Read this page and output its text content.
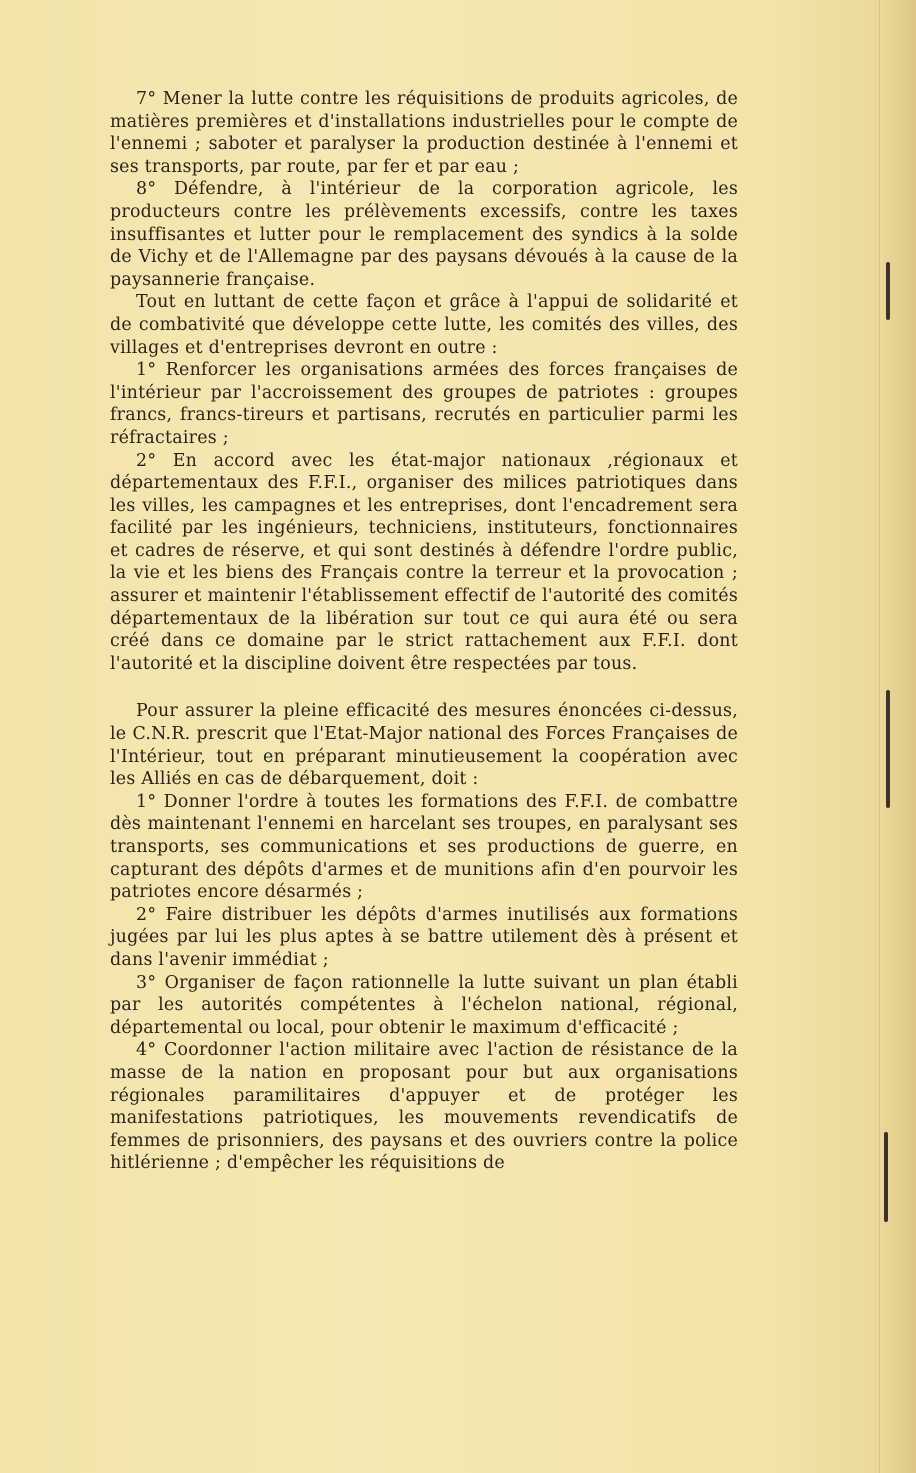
7° Mener la lutte contre les réquisitions de produits agricoles, de matières premières et d'installations industrielles pour le compte de l'ennemi ; saboter et paralyser la production destinée à l'ennemi et ses transports, par route, par fer et par eau ;

8° Défendre, à l'intérieur de la corporation agricole, les producteurs contre les prélèvements excessifs, contre les taxes insuffisantes et lutter pour le remplacement des syndics à la solde de Vichy et de l'Allemagne par des paysans dévoués à la cause de la paysannerie française.

Tout en luttant de cette façon et grâce à l'appui de solidarité et de combativité que développe cette lutte, les comités des villes, des villages et d'entreprises devront en outre :

1° Renforcer les organisations armées des forces françaises de l'intérieur par l'accroissement des groupes de patriotes : groupes francs, francs-tireurs et partisans, recrutés en particulier parmi les réfractaires ;

2° En accord avec les état-major nationaux ,régionaux et départementaux des F.F.I., organiser des milices patriotiques dans les villes, les campagnes et les entreprises, dont l'encadrement sera facilité par les ingénieurs, techniciens, instituteurs, fonctionnaires et cadres de réserve, et qui sont destinés à défendre l'ordre public, la vie et les biens des Français contre la terreur et la provocation ; assurer et maintenir l'établissement effectif de l'autorité des comités départementaux de la libération sur tout ce qui aura été ou sera créé dans ce domaine par le strict rattachement aux F.F.I. dont l'autorité et la discipline doivent être respectées par tous.

Pour assurer la pleine efficacité des mesures énoncées ci-dessus, le C.N.R. prescrit que l'Etat-Major national des Forces Françaises de l'Intérieur, tout en préparant minutieusement la coopération avec les Alliés en cas de débarquement, doit :

1° Donner l'ordre à toutes les formations des F.F.I. de combattre dès maintenant l'ennemi en harcelant ses troupes, en paralysant ses transports, ses communications et ses productions de guerre, en capturant des dépôts d'armes et de munitions afin d'en pourvoir les patriotes encore désarmés ;

2° Faire distribuer les dépôts d'armes inutilisés aux formations jugées par lui les plus aptes à se battre utilement dès à présent et dans l'avenir immédiat ;

3° Organiser de façon rationnelle la lutte suivant un plan établi par les autorités compétentes à l'échelon national, régional, départemental ou local, pour obtenir le maximum d'efficacité ;

4° Coordonner l'action militaire avec l'action de résistance de la masse de la nation en proposant pour but aux organisations régionales paramilitaires d'appuyer et de protéger les manifestations patriotiques, les mouvements revendicatifs de femmes de prisonniers, des paysans et des ouvriers contre la police hitlérienne ; d'empêcher les réquisitions de
